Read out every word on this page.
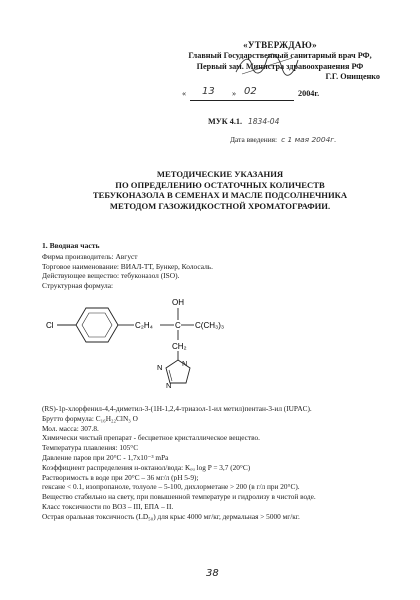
«УТВЕРЖДАЮ»
Главный Государственный санитарный врач РФ,
Первый зам. Министра здравоохранения РФ
Г.Г. Онищенко
« 13 » 02	2004г.
МУК 4.1. 1834-04
Дата введения: с 1 мая 2004г.
МЕТОДИЧЕСКИЕ УКАЗАНИЯ
ПО ОПРЕДЕЛЕНИЮ ОСТАТОЧНЫХ КОЛИЧЕСТВ
ТЕБУКОНАЗОЛА В СЕМЕНАХ И МАСЛЕ ПОДСОЛНЕЧНИКА
МЕТОДОМ ГАЗОЖИДКОСТНОЙ ХРОМАТОГРАФИИ.
1. Вводная часть
Фирма производитель: Август
Торговое наименование: ВИАЛ-ТТ, Бункер, Колосаль.
Действующее вещество: тебуконазол (ISO).
Структурная формула:
Cl	C₂H₄	C C(CH₃)₃
OH
CH₂
N
N
N
(RS)-1р-хлорфенил-4,4-диметил-3-(1Н-1,2,4-триазол-1-ил метил)пентан-3-ил (IUPAC).
Брутто формула: C₁₆H₂₂ClN₃ O
Мол. масса: 307.8.
Химически чистый препарат - бесцветное кристаллическое вещество.
Температура плавления: 105°С
Давление паров при 20°С - 1,7х10⁻³ mPa
Коэффициент распределения н-октанол/вода: Kₒᵤ log P = 3,7 (20°С)
Растворимость в воде при 20°С – 36 мг/л (рН 5-9);
гексане < 0.1, изопропаноле, толуоле – 5-100, дихлорметане > 200 (в г/л при 20°С).
Вещество стабильно на свету, при повышенной температуре и гидролизу в чистой воде.
Класс токсичности по ВОЗ – III, ЕПА – II.
Острая оральная токсичность (LD₅₀) для крыс 4000 мг/кг, дермальная > 5000 мг/кг.
38
